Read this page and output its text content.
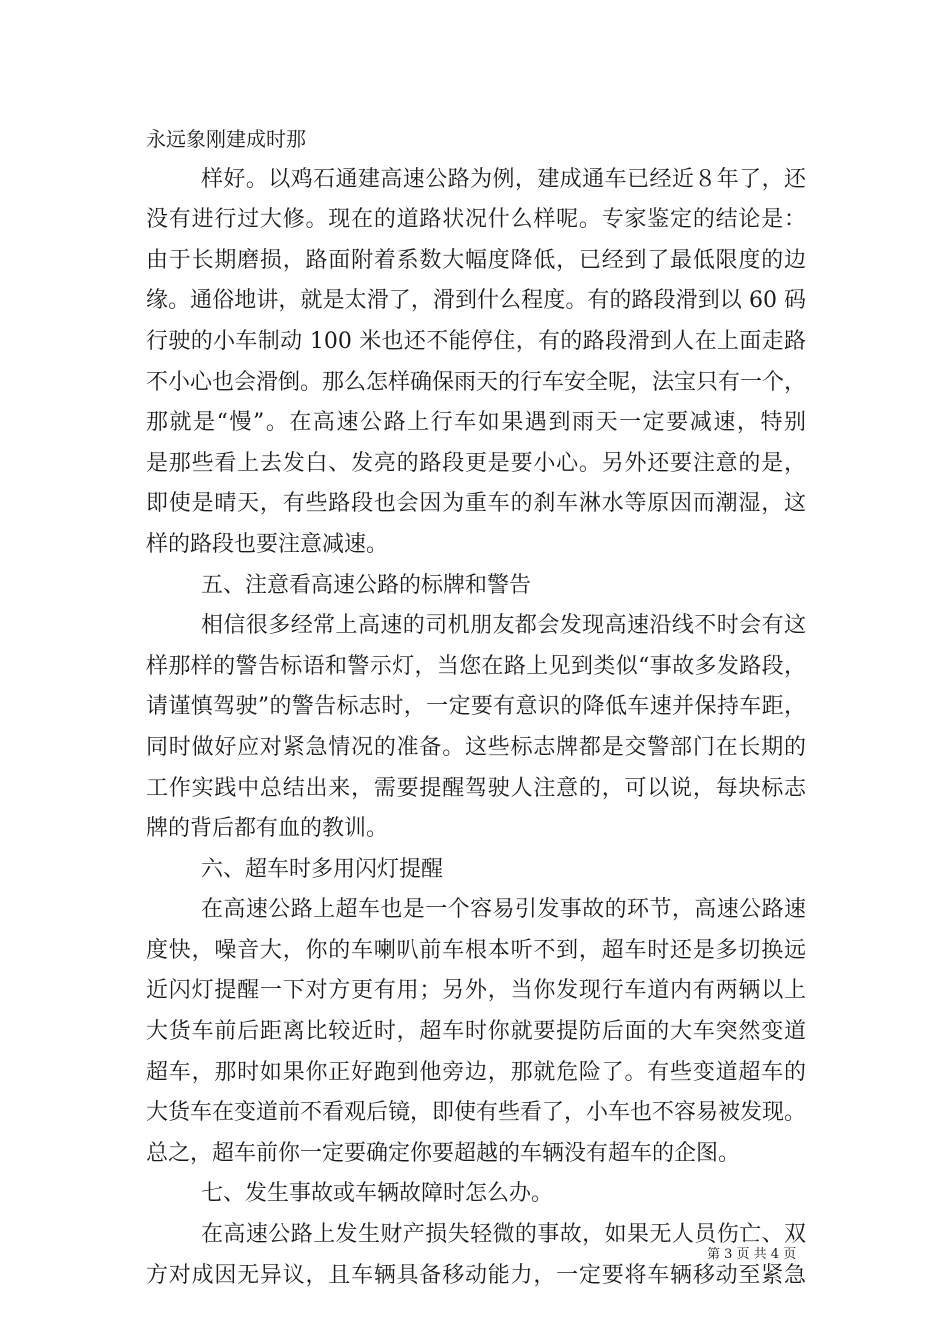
永远象刚建成时那
样好。以鸡石通建高速公路为例，建成通车已经近８年了，还
没有进行过大修。现在的道路状况什么样呢。专家鉴定的结论是：
由于长期磨损，路面附着系数大幅度降低，已经到了最低限度的边
缘。通俗地讲，就是太滑了，滑到什么程度。有的路段滑到以 60 码
行驶的小车制动 100 米也还不能停住，有的路段滑到人在上面走路
不小心也会滑倒。那么怎样确保雨天的行车安全呢，法宝只有一个，
那就是“慢”。在高速公路上行车如果遇到雨天一定要减速，特别
是那些看上去发白、发亮的路段更是要小心。另外还要注意的是，
即使是晴天，有些路段也会因为重车的刹车淋水等原因而潮湿，这
样的路段也要注意减速。
五、注意看高速公路的标牌和警告
相信很多经常上高速的司机朋友都会发现高速沿线不时会有这
样那样的警告标语和警示灯，当您在路上见到类似“事故多发路段，
请谨慎驾驶”的警告标志时，一定要有意识的降低车速并保持车距，
同时做好应对紧急情况的准备。这些标志牌都是交警部门在长期的
工作实践中总结出来，需要提醒驾驶人注意的，可以说，每块标志
牌的背后都有血的教训。
六、超车时多用闪灯提醒
在高速公路上超车也是一个容易引发事故的环节，高速公路速
度快，噪音大，你的车喇叭前车根本听不到，超车时还是多切换远
近闪灯提醒一下对方更有用；另外，当你发现行车道内有两辆以上
大货车前后距离比较近时，超车时你就要提防后面的大车突然变道
超车，那时如果你正好跑到他旁边，那就危险了。有些变道超车的
大货车在变道前不看观后镜，即使有些看了，小车也不容易被发现。
总之，超车前你一定要确定你要超越的车辆没有超车的企图。
七、发生事故或车辆故障时怎么办。
在高速公路上发生财产损失轻微的事故，如果无人员伤亡、双
方对成因无异议，且车辆具备移动能力，一定要将车辆移动至紧急
第 3 页 共 4 页
